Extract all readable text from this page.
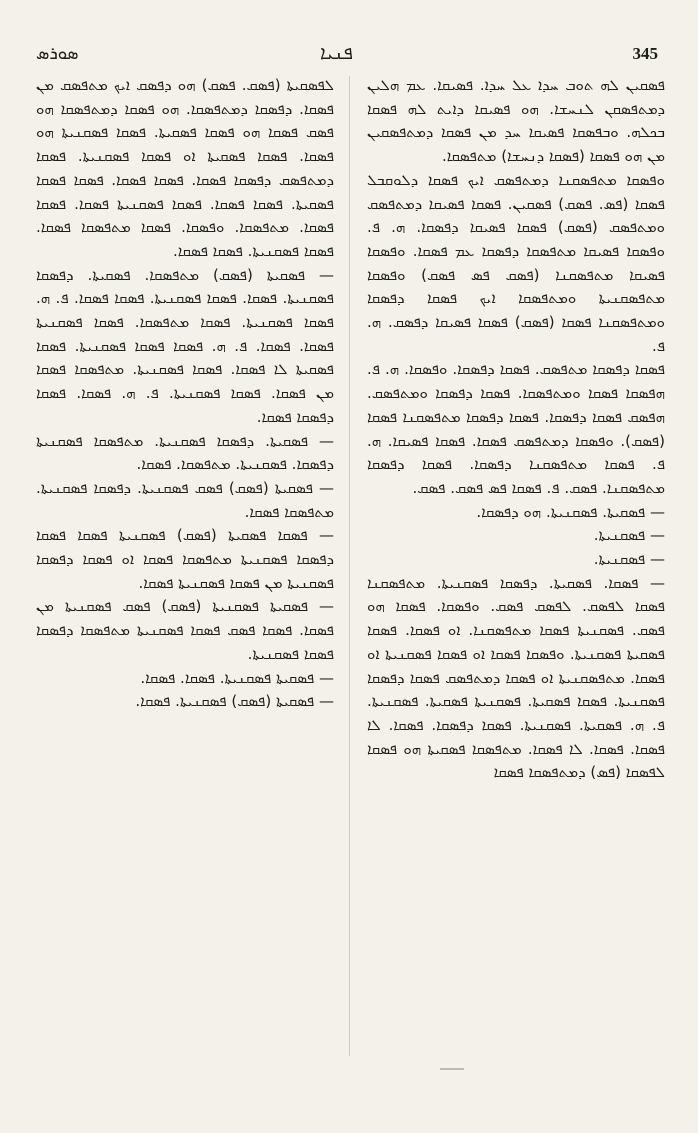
ܣܘܪܣ	ܦܢܝܐ	345

ܦܣܩܝܢ ܠܗ ܬܘܒ ܚܕܐ ܥܠ ܚܕܐ. ܦܣܝܩܐ. ܥܡ ܗܠܝܢ ܕܡܬܦܣܩܢ ܠܢܚܫܐ. ܗܘ ܦܣܝܩܐ ܕܐܝܬ ܠܗ ܦܣܩܐ ܒܟܠܗ. ܘܒܦܣܩܐ ܦܣܝܩܐ ܚܕ ܡܢ ܦܣܩܐ ܕܡܬܦܣܩܝܢ ܡܢ ܗܘ ܦܣܩܐ (ܦܣܩܐ ܕܢܚܫܐ) ܡܬܦܣܩܐ.

ܘܦܣܩܐ ܡܬܦܣܩܢܐ ܕܡܬܦܣܩ ܐܝܟ ܦܣܩܐ ܕܠܘܩܒܠ ܦܣܩܐ (ܦܣ. ܦܣܩ) ܦܣܩܝܢ. ܦܣܩܐ ܦܣܝܩܐ ܕܡܬܦܣܩ ܘܡܬܦܣܩ (ܦܣܩ) ܦܣܩܐ ܦܣܝܩܐ ܕܦܣܩܐ. ܗ. ܦ. ܘܦܣܩܐ ܦܣܝܩܐ ܡܬܦܣܩܐ ܕܦܣܩܐ ܥܡ ܦܣܩܐ. ܘܦܣܩܐ ܦܣܝܩܐ ܡܬܦܣܩܢܐ (ܦܣܩ ܦܣ ܦܣܩ) ܘܦܣܩܐ ܡܬܦܣܩܢܝܬܐ ܘܡܬܦܣܩܐ ܐܝܟ ܦܣܩܐ ܕܦܣܩܐ ܘܡܬܦܣܩܢܐ ܦܣܩܐ (ܦܣܩ) ܦܣܩܐ ܦܣܝܩܐ ܕܦܣܩ. ܗ. ܦ.

ܦܣܩܐ ܕܦܣܩܐ ܡܬܦܣܩ. ܦܣܩܐ ܕܦܣܩܐ. ܘܦܣܩܐ. ܗ. ܦ. ܗܦܣܩܐ ܦܣܩܐ ܘܡܬܦܣܩܐ. ܦܣܩܐ ܕܦܣܩܐ ܘܡܬܦܣܩ. ܗܦܣܩ ܦܣܩܐ ܕܦܣܩܐ. ܦܣܩܐ ܕܦܣܩܐ ܡܬܦܣܩܢܐ ܦܣܩܐ (ܦܣܩ). ܘܦܣܩܐ ܕܡܬܦܣܩ ܦܣܩܐ. ܦܣܩܐ ܦܣܝܩܐ. ܗ. ܦ. ܦܣܩܐ ܡܬܦܣܩܢܐ ܕܦܣܩܐ. ܦܣܩܐ ܕܦܣܩܐ ܡܬܦܣܩܢܐ. ܦܣܩ. ܦ. ܦܣܩܐ ܦܣ ܦܣܩ. ܦܣܩ.

— ܦܣܩܝܬܐ. ܦܣܩܢܝܬܐ. ܗܘ ܕܦܣܩܐ.

— ܦܣܩܢܝܬܐ.

— ܦܣܩܢܝܬܐ.

— ܦܣܩܐ. ܦܣܩܝܬܐ. ܕܦܣܩܐ ܦܣܩܢܝܬܐ. ܡܬܦܣܩܢܐ ܦܣܩܐ ܠܦܣܩ. ܠܦܣܩ ܦܣܩ. ܘܦܣܩܐ. ܦܣܩܐ ܗܘ ܦܣܩ. ܦܣܩܢܝܬܐ ܦܣܩܐ ܡܬܦܣܩܢܐ. ܐܘ ܦܣܩܐ. ܦܣܩܐ ܦܣܩܝܬܐ ܦܣܩܢܝܬܐ. ܘܦܣܩܐ ܦܣܩܐ ܐܘ ܦܣܩܐ ܦܣܩܢܝܬܐ ܐܘ ܦܣܩܐ. ܡܬܦܣܩܢܝܬܐ ܐܘ ܦܣܩܐ ܕܡܬܦܣܩ ܦܣܩܐ ܕܦܣܩܐ ܦܣܩܢܝܬܐ. ܦܣܩܐ ܦܣܩܝܬܐ. ܦܣܩܢܝܬܐ ܦܣܩܝܬܐ. ܦܣܩܢܝܬܐ. ܦ. ܗ. ܦܣܩܝܬܐ. ܦܣܩܢܝܬܐ. ܦܣܩܐ ܕܦܣܩܐ. ܦܣܩܐ. ܠܐ ܦܣܩܐ. ܦܣܩܐ. ܠܐ ܦܣܩܐ. ܡܬܦܣܩܐ ܦܣܩܝܬܐ ܗܘ ܦܣܩܐ ܠܦܣܩܐ (ܦܣ) ܕܡܬܦܣܩܐ ܦܣܩܐ

ܠܦܣܩܝܬܐ (ܦܣܩ. ܦܣܩ) ܗܘ ܕܦܣܩ ܐܝܟ ܡܬܦܣܩ ܡܢ ܦܣܩܐ. ܕܦܣܩܐ ܕܡܬܦܣܩܐ. ܗܘ ܦܣܩܐ ܕܡܬܦܣܩܐ ܗܘ ܦܣܩ ܦܣܩܐ ܗܘ ܦܣܩܐ ܦܣܩܝܬܐ. ܦܣܩܐ ܦܣܩܢܝܬܐ ܗܘ ܦܣܩܐ. ܦܣܩܐ ܦܣܩܝܬܐ ܐܘ ܦܣܩܐ ܦܣܩܢܝܬܐ. ܦܣܩܐ ܕܡܬܦܣܩ ܕܦܣܩܐ ܦܣܩܐ. ܦܣܩܐ ܦܣܩܐ. ܦܣܩܐ ܦܣܩܐ ܦܣܩܝܬܐ. ܦܣܩܐ ܦܣܩܐ. ܦܣܩܐ ܦܣܩܢܝܬܐ ܦܣܩܐ. ܦܣܩܐ ܦܣܩܐ. ܡܬܦܣܩܐ. ܘܦܣܩܐ. ܦܣܩܐ ܡܬܦܣܩܐ ܦܣܩܐ. ܦܣܩܐ ܦܣܩܢܝܬܐ. ܦܣܩܐ ܦܣܩܐ.

— ܦܣܩܝܬܐ (ܦܣܩ) ܡܬܦܣܩܐ. ܦܣܩܝܬܐ. ܕܦܣܩܐ ܦܣܩܢܝܬܐ. ܦܣܩܐ. ܦܣܩܐ ܦܣܩܢܝܬܐ. ܦܣܩܐ ܦܣܩܐ. ܦ. ܗ. ܦܣܩܐ ܦܣܩܢܝܬܐ. ܦܣܩܐ ܡܬܦܣܩܐ. ܦܣܩܐ ܦܣܩܢܝܬܐ ܦܣܩܐ. ܦܣܩܐ. ܦ. ܗ. ܦܣܩܐ ܦܣܩܐ ܦܣܩܢܝܬܐ. ܦܣܩܐ ܦܣܩܝܬܐ ܠܐ ܦܣܩܐ. ܦܣܩܐ ܦܣܩܢܝܬܐ. ܡܬܦܣܩܐ ܦܣܩܐ ܡܢ ܦܣܩܐ. ܦܣܩܐ ܦܣܩܢܝܬܐ. ܦ. ܗ. ܦܣܩܐ. ܦܣܩܐ ܕܦܣܩܐ ܦܣܩܐ.

— ܦܣܩܝܬܐ. ܕܦܣܩܐ ܦܣܩܢܝܬܐ. ܡܬܦܣܩܐ ܦܣܩܢܝܬܐ ܕܦܣܩܐ. ܦܣܩܢܝܬܐ. ܡܬܦܣܩܐ. ܦܣܩܐ.

— ܦܣܩܝܬܐ (ܦܣܩ) ܦܣܩ ܦܣܩܢܝܬܐ. ܕܦܣܩܐ ܦܣܩܢܝܬܐ. ܡܬܦܣܩܐ ܦܣܩܐ.

— ܦܣܩܐ ܦܣܩܝܬܐ (ܦܣܩ) ܦܣܩܢܝܬܐ ܦܣܩܐ ܦܣܩܐ ܕܦܣܩܐ ܦܣܩܢܝܬܐ ܡܬܦܣܩܐ ܦܣܩܐ ܐܘ ܦܣܩܐ ܕܦܣܩܐ ܦܣܩܢܝܬܐ ܡܢ ܦܣܩܐ ܦܣܩܢܝܬܐ ܦܣܩܐ.

— ܦܣܩܝܬܐ ܦܣܩܢܝܬܐ (ܦܣܩ) ܦܣܩ ܦܣܩܢܝܬܐ ܡܢ ܦܣܩܐ. ܦܣܩܐ ܦܣܩ ܦܣܩܐ ܦܣܩܢܝܬܐ ܡܬܦܣܩܐ ܕܦܣܩܐ ܦܣܩܐ ܦܣܩܢܝܬܐ.

— ܦܣܩܝܬܐ ܦܣܩܢܝܬܐ. ܦܣܩܐ. ܦܣܩܐ.

— ܦܣܩܝܬܐ (ܦܣܩ) ܦܣܩܢܝܬܐ. ܦܣܩܐ.
